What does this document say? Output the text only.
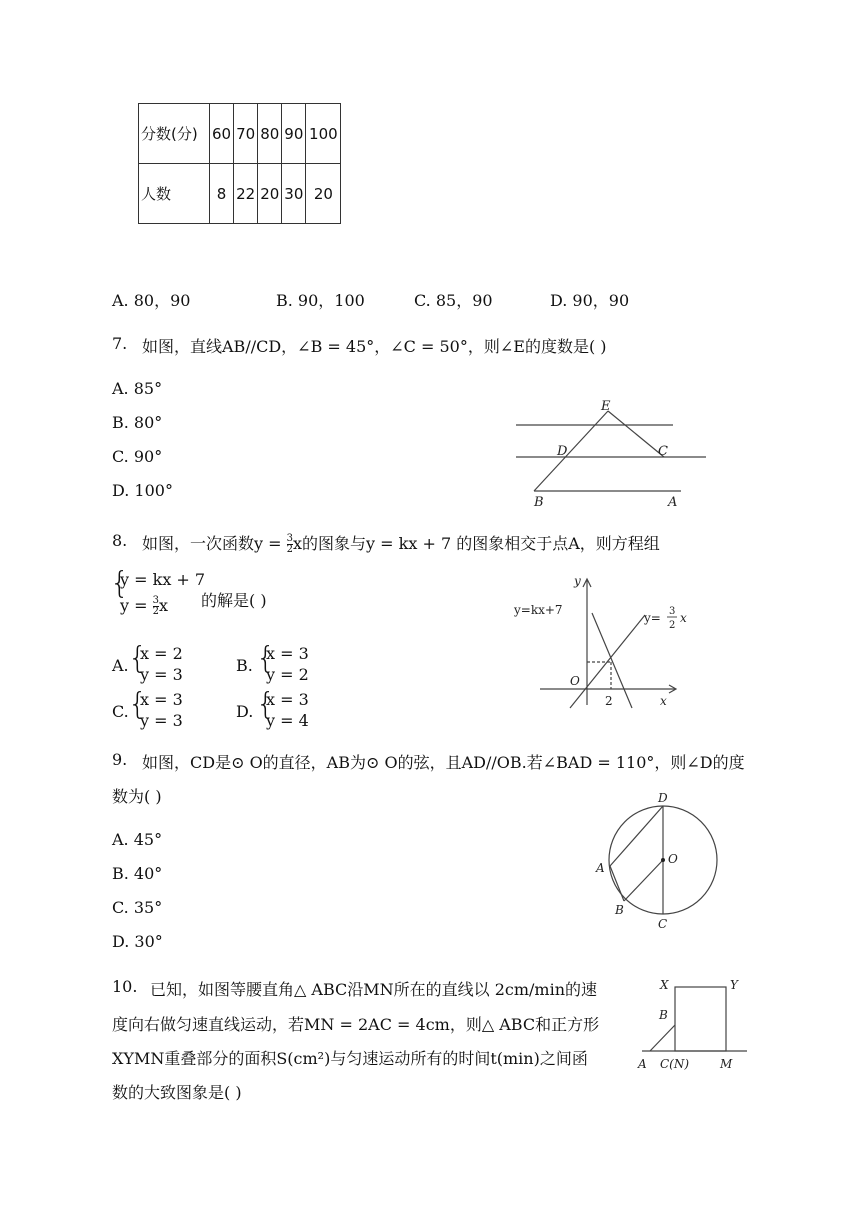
分数(分)	60	70	80	90	100
人数	8	22	20	30	20
A. 80，90	B. 90，100	C. 85，90	D. 90，90
7. 如图，直线AB//CD，∠B = 45°，∠C = 50°，则∠E的度数是( )
A. 85°
B. 80°
C. 90°
D. 100°
E
D	C
B	A
8. 如图，一次函数$y = \frac{3}{2}$ x的图象与y = kx + 7 的图象相交于点A，则方程组
{
y = kx + 7
$y = \frac{3}{2}$ x 的解是( )
A. {
x = 2
y = 3	B. {
x = 3
y = 2
C. {
x = 3
y = 3	D. {
x = 3
y = 4
y
x
O
2
y=kx+7
y= 3
2
x
9. 如图，CD是⊙ O的直径，AB为⊙ O的弦，且AD//OB.若∠BAD = 110°，则∠D的度
数为( )
A. 45°
B. 40°
C. 35°
D. 30°
D
A
O
B
C
10. 已知，如图等腰直角△ ABC沿MN所在的直线以 2cm/min的速
度向右做匀速直线运动，若MN = 2AC = 4cm，则△ ABC和正方形
XYMN重叠部分的面积S(cm²)与匀速运动所有的时间t(min)之间函
数的大致图象是( )
X	Y
B
A C(N)	M
